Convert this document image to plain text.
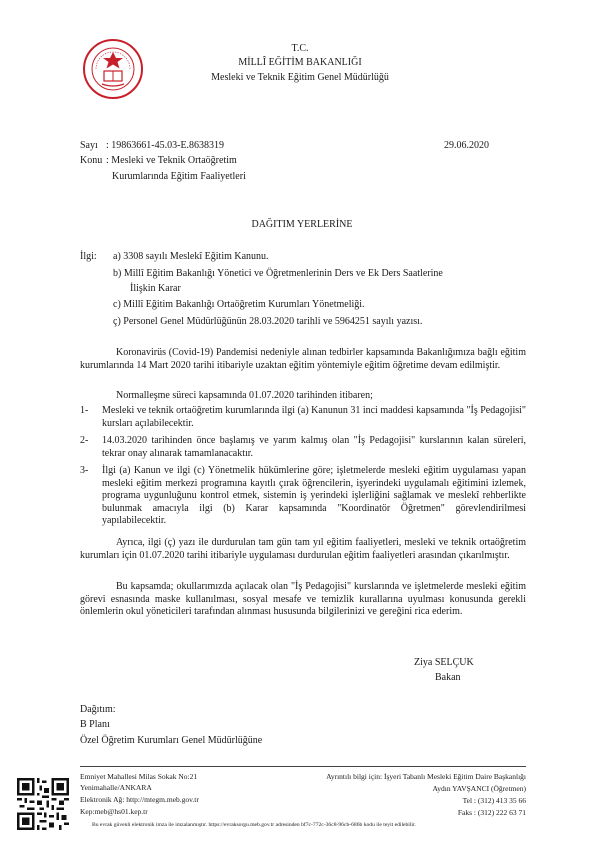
T.C.
MİLLÎ EĞİTİM BAKANLIĞI
Mesleki ve Teknik Eğitim Genel Müdürlüğü
Sayı : 19863661-45.03-E.8638319	29.06.2020
Konu : Mesleki ve Teknik Ortaöğretim
Kurumlarında Eğitim Faaliyetleri
DAĞITIM YERLERİNE
İlgi: a) 3308 sayılı Meslekî Eğitim Kanunu.
b) Millî Eğitim Bakanlığı Yönetici ve Öğretmenlerinin Ders ve Ek Ders Saatlerine
İlişkin Karar
c) Millî Eğitim Bakanlığı Ortaöğretim Kurumları Yönetmeliği.
ç) Personel Genel Müdürlüğünün 28.03.2020 tarihli ve 5964251 sayılı yazısı.
Koronavirüs (Covid-19) Pandemisi nedeniyle alınan tedbirler kapsamında Bakanlığımıza bağlı eğitim kurumlarında 14 Mart 2020 tarihi itibariyle uzaktan eğitim yöntemiyle eğitim öğretime devam edilmiştir.
Normalleşme süreci kapsamında 01.07.2020 tarihinden itibaren;
1- Mesleki ve teknik ortaöğretim kurumlarında ilgi (a) Kanunun 31 inci maddesi kapsamında "İş Pedagojisi" kursları açılabilecektir.
2- 14.03.2020 tarihinden önce başlamış ve yarım kalmış olan "İş Pedagojisi" kurslarının kalan süreleri, tekrar onay alınarak tamamlanacaktır.
3- İlgi (a) Kanun ve ilgi (c) Yönetmelik hükümlerine göre; işletmelerde mesleki eğitim uygulaması yapan mesleki eğitim merkezi programına kayıtlı çırak öğrencilerin, işyerindeki uygulamalı eğitimini izlemek, programa uygunluğunu kontrol etmek, sistemin iş yerindeki işlerliğini sağlamak ve meslekî rehberlikte bulunmak amacıyla ilgi (b) Karar kapsamında "Koordinatör Öğretmen" görevlendirilmesi yapılabilecektir.
Ayrıca, ilgi (ç) yazı ile durdurulan tam gün tam yıl eğitim faaliyetleri, mesleki ve teknik ortaöğretim kurumları için 01.07.2020 tarihi itibariyle uygulaması durdurulan eğitim faaliyetleri arasından çıkarılmıştır.
Bu kapsamda; okullarımızda açılacak olan "İş Pedagojisi" kurslarında ve işletmelerde mesleki eğitim görevi esnasında maske kullanılması, sosyal mesafe ve temizlik kurallarına uyulması konusunda gerekli önlemlerin okul yöneticileri tarafından alınması hususunda bilgilerinizi ve gereğini rica ederim.
Ziya SELÇUK
Bakan
Dağıtım:
B Planı
Özel Öğretim Kurumları Genel Müdürlüğüne
Emniyet Mahallesi Milas Sokak No:21
Yenimahalle/ANKARA
Elektronik Ağ: http://mtegm.meb.gov.tr
Kep:meb@hs01.kep.tr
Ayrıntılı bilgi için: İşyeri Tabanlı Mesleki Eğitim Daire Başkanlığı
Aydın YAVŞANCI (Öğretmen)
Tel : (312) 413 35 66
Faks : (312) 222 63 71
Bu evrak güvenli elektronik imza ile imzalanmıştır. https://evraksorgu.meb.gov.tr adresinden bf7c-772c-36c8-96cb-686b kodu ile teyit edilebilir.
